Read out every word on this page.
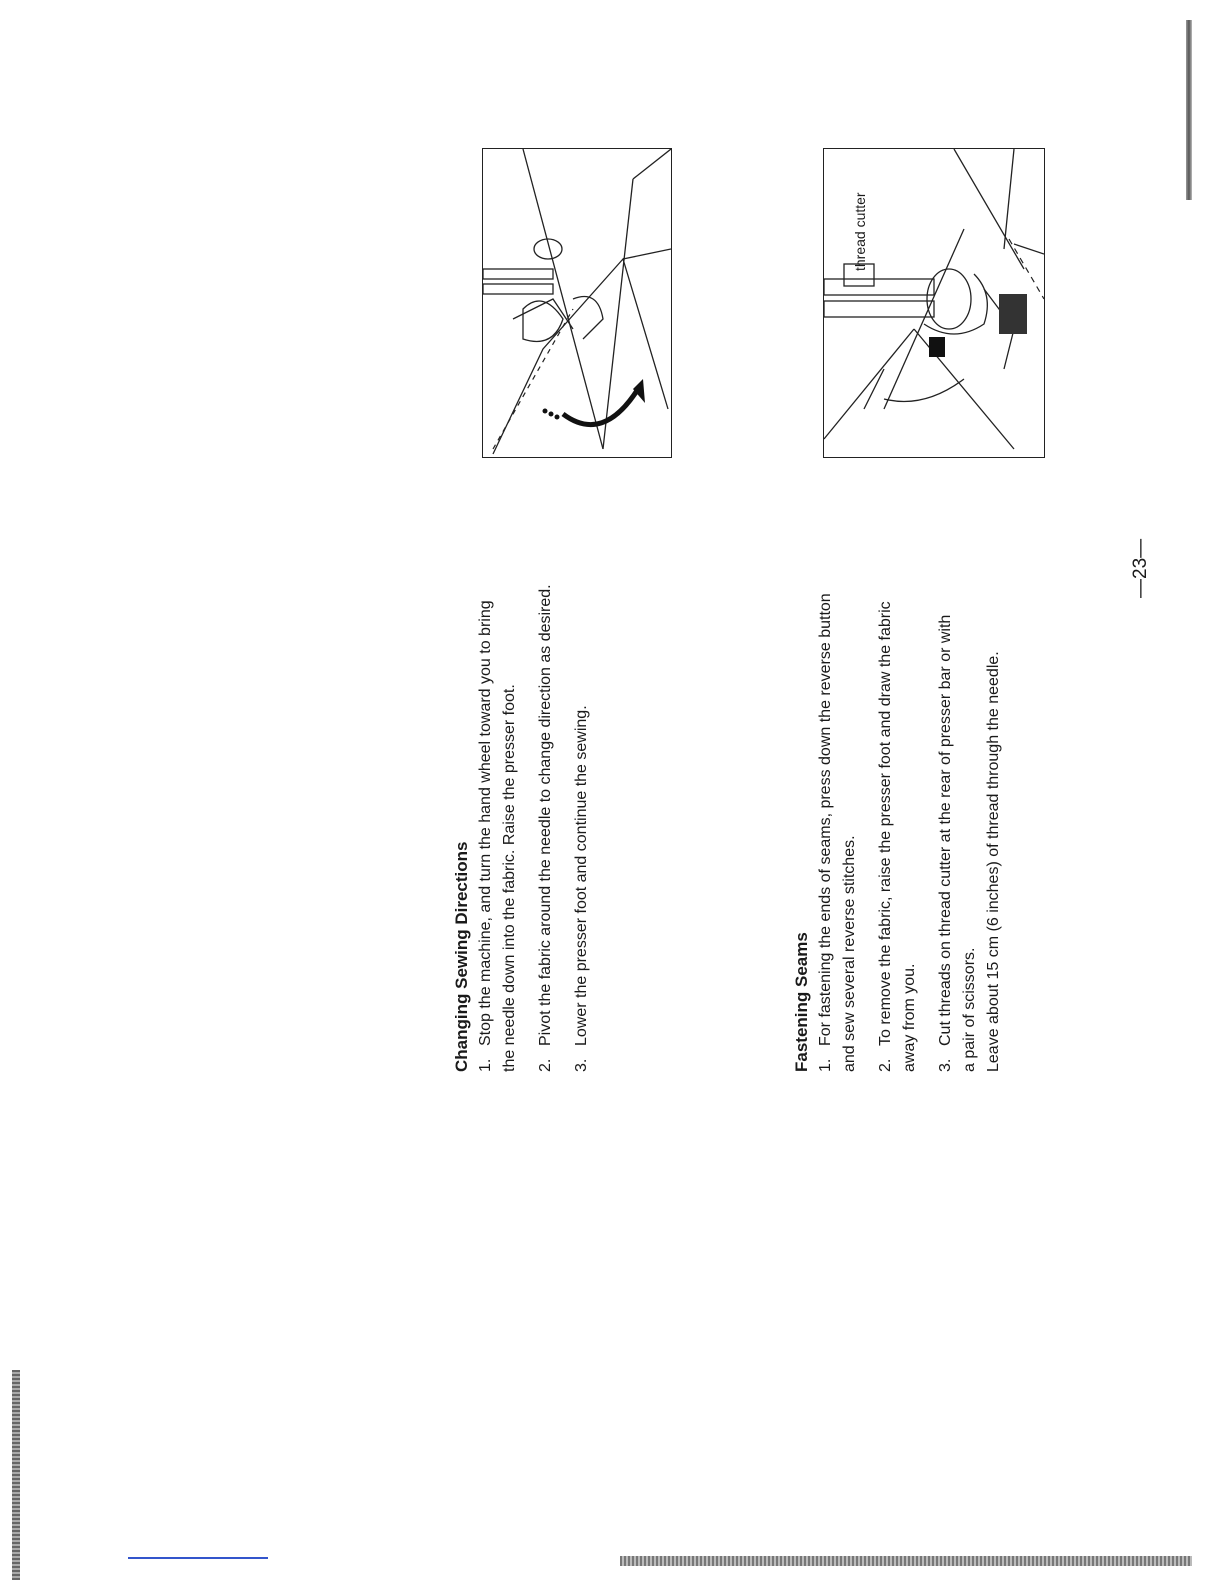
Changing Sewing Directions 1.Stop the machine, and turn the hand wheel toward you to bring the needle down into the fabric. Raise the presser foot. 2.Pivot the fabric around the needle to change direction as desired.
3.Lower the presser foot and continue the sewing.	Fastening Seams 1.For fastening the ends of seams, press down the reverse button and sew several reverse stitches. 2.To remove the fabric, raise the presser foot and draw the fabric away from you. 3.Cut threads on thread cutter at the rear of presser bar or with a pair of scissors. Leave about 15 cm (6 inches) of thread through the needle.
thread cutter
—23—
